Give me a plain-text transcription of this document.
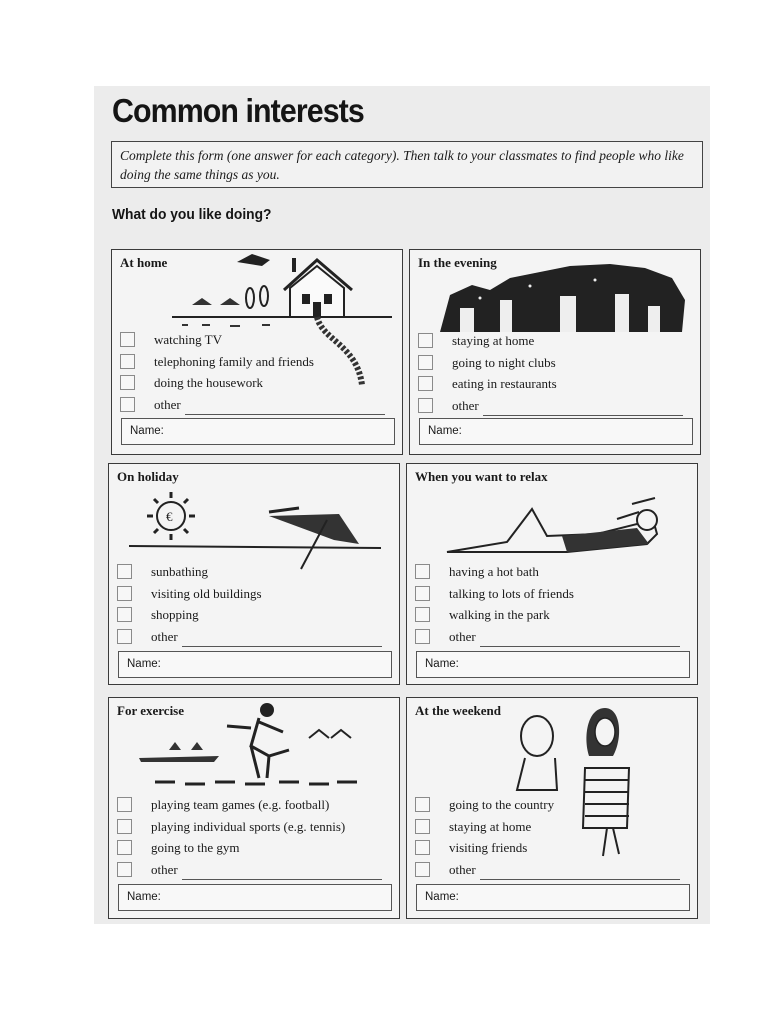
Common interests
Complete this form (one answer for each category). Then talk to your classmates to find people who like doing the same things as you.
What do you like doing?
At home
watching TV
telephoning family and friends
doing the housework
other
Name:
In the evening
staying at home
going to night clubs
eating in restaurants
other
Name:
€
On holiday
sunbathing
visiting old buildings
shopping
other
Name:
When you want to relax
having a hot bath
talking to lots of friends
walking in the park
other
Name:
For exercise
playing team games (e.g. football)
playing individual sports (e.g. tennis)
going to the gym
other
Name:
At the weekend
going to the country
staying at home
visiting friends
other
Name:
